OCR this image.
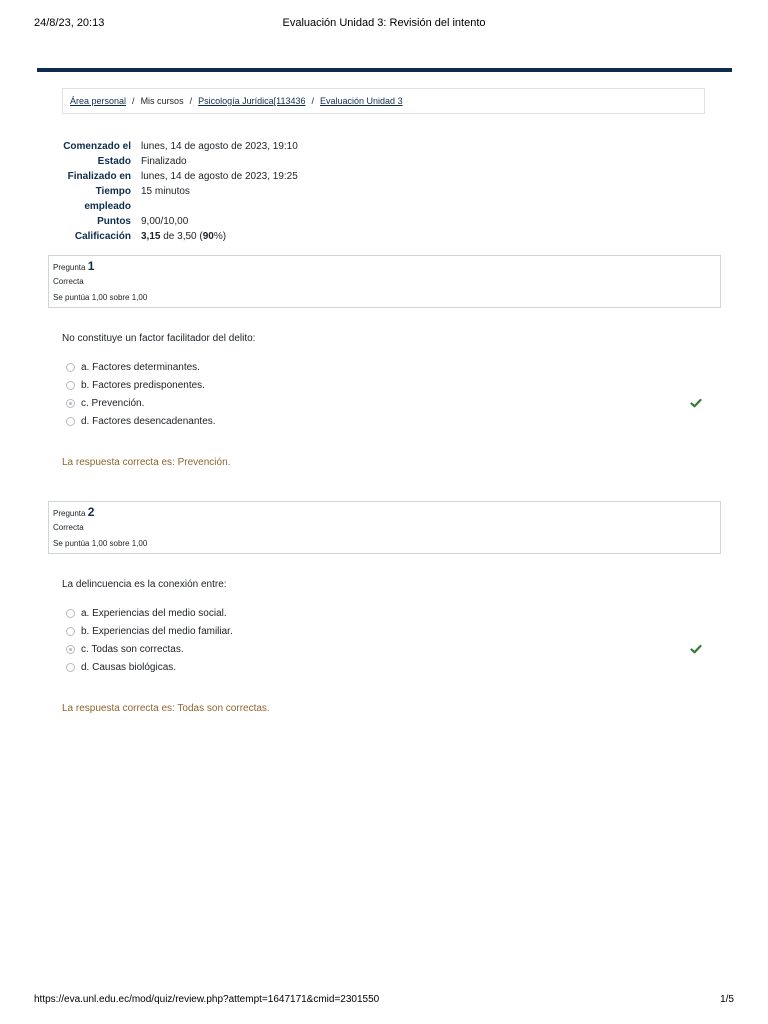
24/8/23, 20:13	Evaluación Unidad 3: Revisión del intento
Área personal / Mis cursos / Psicología Jurídica[113436 / Evaluación Unidad 3
Comenzado el	lunes, 14 de agosto de 2023, 19:10
Estado	Finalizado
Finalizado en	lunes, 14 de agosto de 2023, 19:25
Tiempo
empleado
15 minutos
Puntos	9,00/10,00
Calificación	3,15 de 3,50 (90%)
Pregunta 1
Correcta
Se puntúa 1,00 sobre 1,00
No constituye un factor facilitador del delito:
a. Factores determinantes.
b. Factores predisponentes.
c. Prevención.
d. Factores desencadenantes.
La respuesta correcta es: Prevención.
Pregunta 2
Correcta
Se puntúa 1,00 sobre 1,00
La delincuencia es la conexión entre:
a. Experiencias del medio social.
b. Experiencias del medio familiar.
c. Todas son correctas.
d. Causas biológicas.
La respuesta correcta es: Todas son correctas.
https://eva.unl.edu.ec/mod/quiz/review.php?attempt=1647171&cmid=2301550	1/5
